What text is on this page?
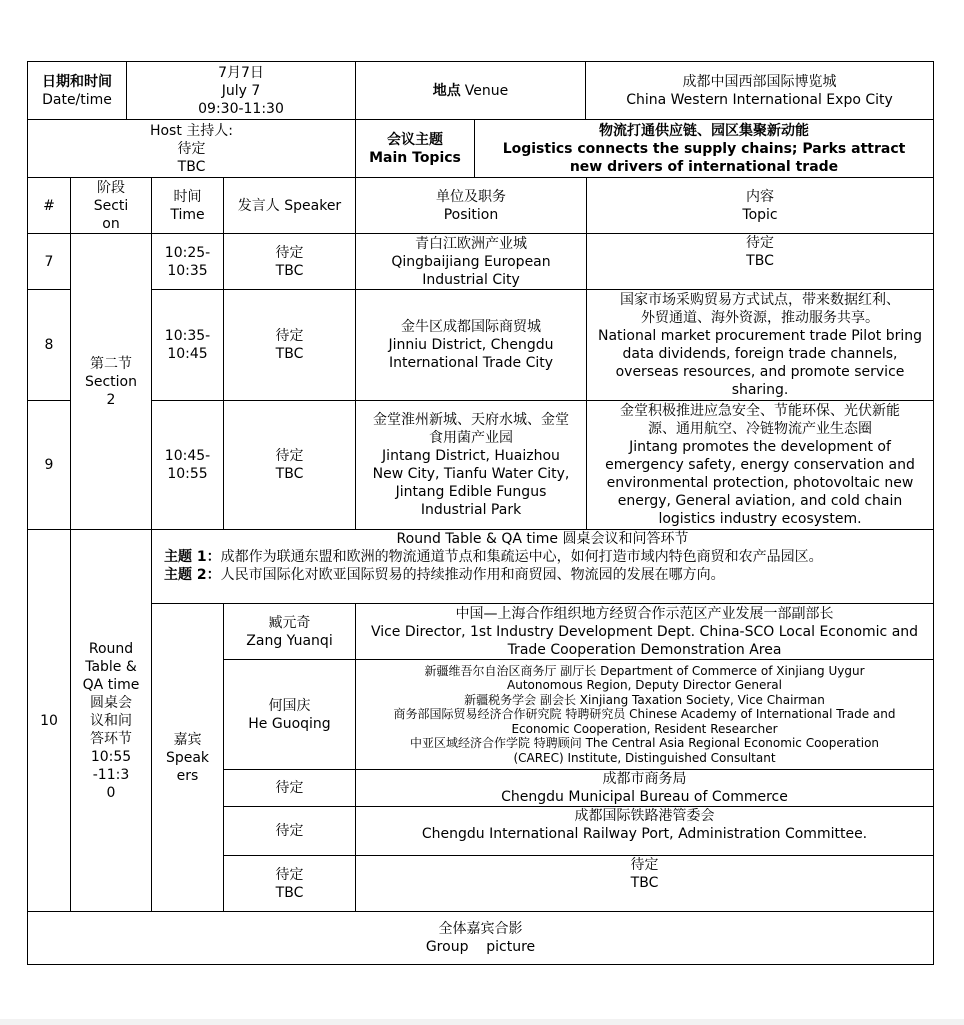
日期和时间
Date/time
7月7日
July 7
09:30-11:30
地点 Venue
成都中国西部国际博览城
China Western International Expo City
Host 主持人:
待定
TBC
会议主题
Main Topics
物流打通供应链、园区集聚新动能
Logistics connects the supply chains; Parks attract new drivers of international trade
#
阶段
Section
时间
Time
发言人 Speaker
单位及职务
Position
内容
Topic
第二节
Section 2
7
10:25-10:35
待定
TBC
青白江欧洲产业城
Qingbaijiang European Industrial City
待定
TBC
8
10:35-10:45
待定
TBC
金牛区成都国际商贸城
Jinniu District, Chengdu International Trade City
国家市场采购贸易方式试点，带来数据红利、外贸通道、海外资源，推动服务共享。
National market procurement trade Pilot bring data dividends, foreign trade channels, overseas resources, and promote service sharing.
9
10:45-10:55
待定
TBC
金堂淮州新城、天府水城、金堂食用菌产业园
Jintang District, Huaizhou New City, Tianfu Water City, Jintang Edible Fungus Industrial Park
金堂积极推进应急安全、节能环保、光伏新能源、通用航空、冷链物流产业生态圈
Jintang promotes the development of emergency safety, energy conservation and environmental protection, photovoltaic new energy, General aviation, and cold chain logistics industry ecosystem.
10
Round Table & QA time
圆桌会议和问答环节
10:55-11:30
Round Table & QA time 圆桌会议和问答环节
主题 1：成都作为联通东盟和欧洲的物流通道节点和集疏运中心，如何打造市域内特色商贸和农产品园区。
主题 2：人民市国际化对欧亚国际贸易的持续推动作用和商贸园、物流园的发展在哪方向。
嘉宾
Speakers
臧元奇
Zang Yuanqi
中国—上海合作组织地方经贸合作示范区产业发展一部副部长
Vice Director, 1st Industry Development Dept. China-SCO Local Economic and Trade Cooperation Demonstration Area
何国庆
He Guoqing
新疆维吾尔自治区商务厅 副厅长 Department of Commerce of Xinjiang Uygur
Autonomous Region, Deputy Director General
新疆税务学会 副会长 Xinjiang Taxation Society, Vice Chairman
商务部国际贸易经济合作研究院 特聘研究员 Chinese Academy of International Trade and
Economic Cooperation, Resident Researcher
中亚区域经济合作学院 特聘顾问 The Central Asia Regional Economic Cooperation
(CAREC) Institute, Distinguished Consultant
待定
成都市商务局
Chengdu Municipal Bureau of Commerce
待定
成都国际铁路港管委会
Chengdu International Railway Port, Administration Committee.
待定
TBC
待定
TBC
全体嘉宾合影
Group    picture
